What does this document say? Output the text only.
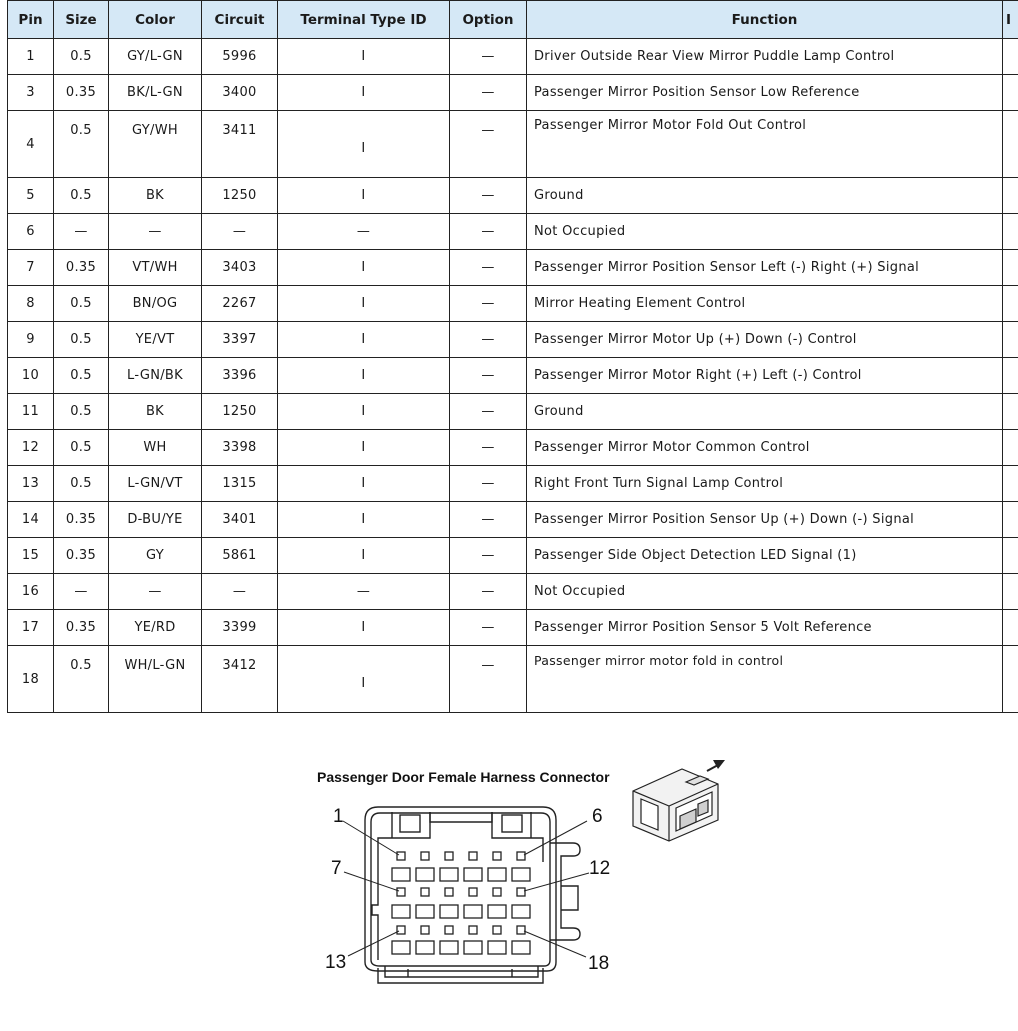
Pin	Size	Color	Circuit	Terminal Type ID	Option	Function	I
1	0.5	GY/L-GN	5996	I	—	Driver Outside Rear View Mirror Puddle Lamp Control	
3	0.35	BK/L-GN	3400	I	—	Passenger Mirror Position Sensor Low Reference	
4	0.5	GY/WH	3411	I	—	Passenger Mirror Motor Fold Out Control	
5	0.5	BK	1250	I	—	Ground	
6	—	—	—	—	—	Not Occupied	
7	0.35	VT/WH	3403	I	—	Passenger Mirror Position Sensor Left (-) Right (+) Signal	
8	0.5	BN/OG	2267	I	—	Mirror Heating Element Control	
9	0.5	YE/VT	3397	I	—	Passenger Mirror Motor Up (+) Down (-) Control	
10	0.5	L-GN/BK	3396	I	—	Passenger Mirror Motor Right (+) Left (-) Control	
11	0.5	BK	1250	I	—	Ground	
12	0.5	WH	3398	I	—	Passenger Mirror Motor Common Control	
13	0.5	L-GN/VT	1315	I	—	Right Front Turn Signal Lamp Control	
14	0.35	D-BU/YE	3401	I	—	Passenger Mirror Position Sensor Up (+) Down (-) Signal	
15	0.35	GY	5861	I	—	Passenger Side Object Detection LED Signal (1)	
16	—	—	—	—	—	Not Occupied	
17	0.35	YE/RD	3399	I	—	Passenger Mirror Position Sensor 5 Volt Reference	
18	0.5	WH/L-GN	3412	I	—	Passenger mirror motor fold in control	
Passenger Door Female Harness Connector
1	6
7	12
13	18
